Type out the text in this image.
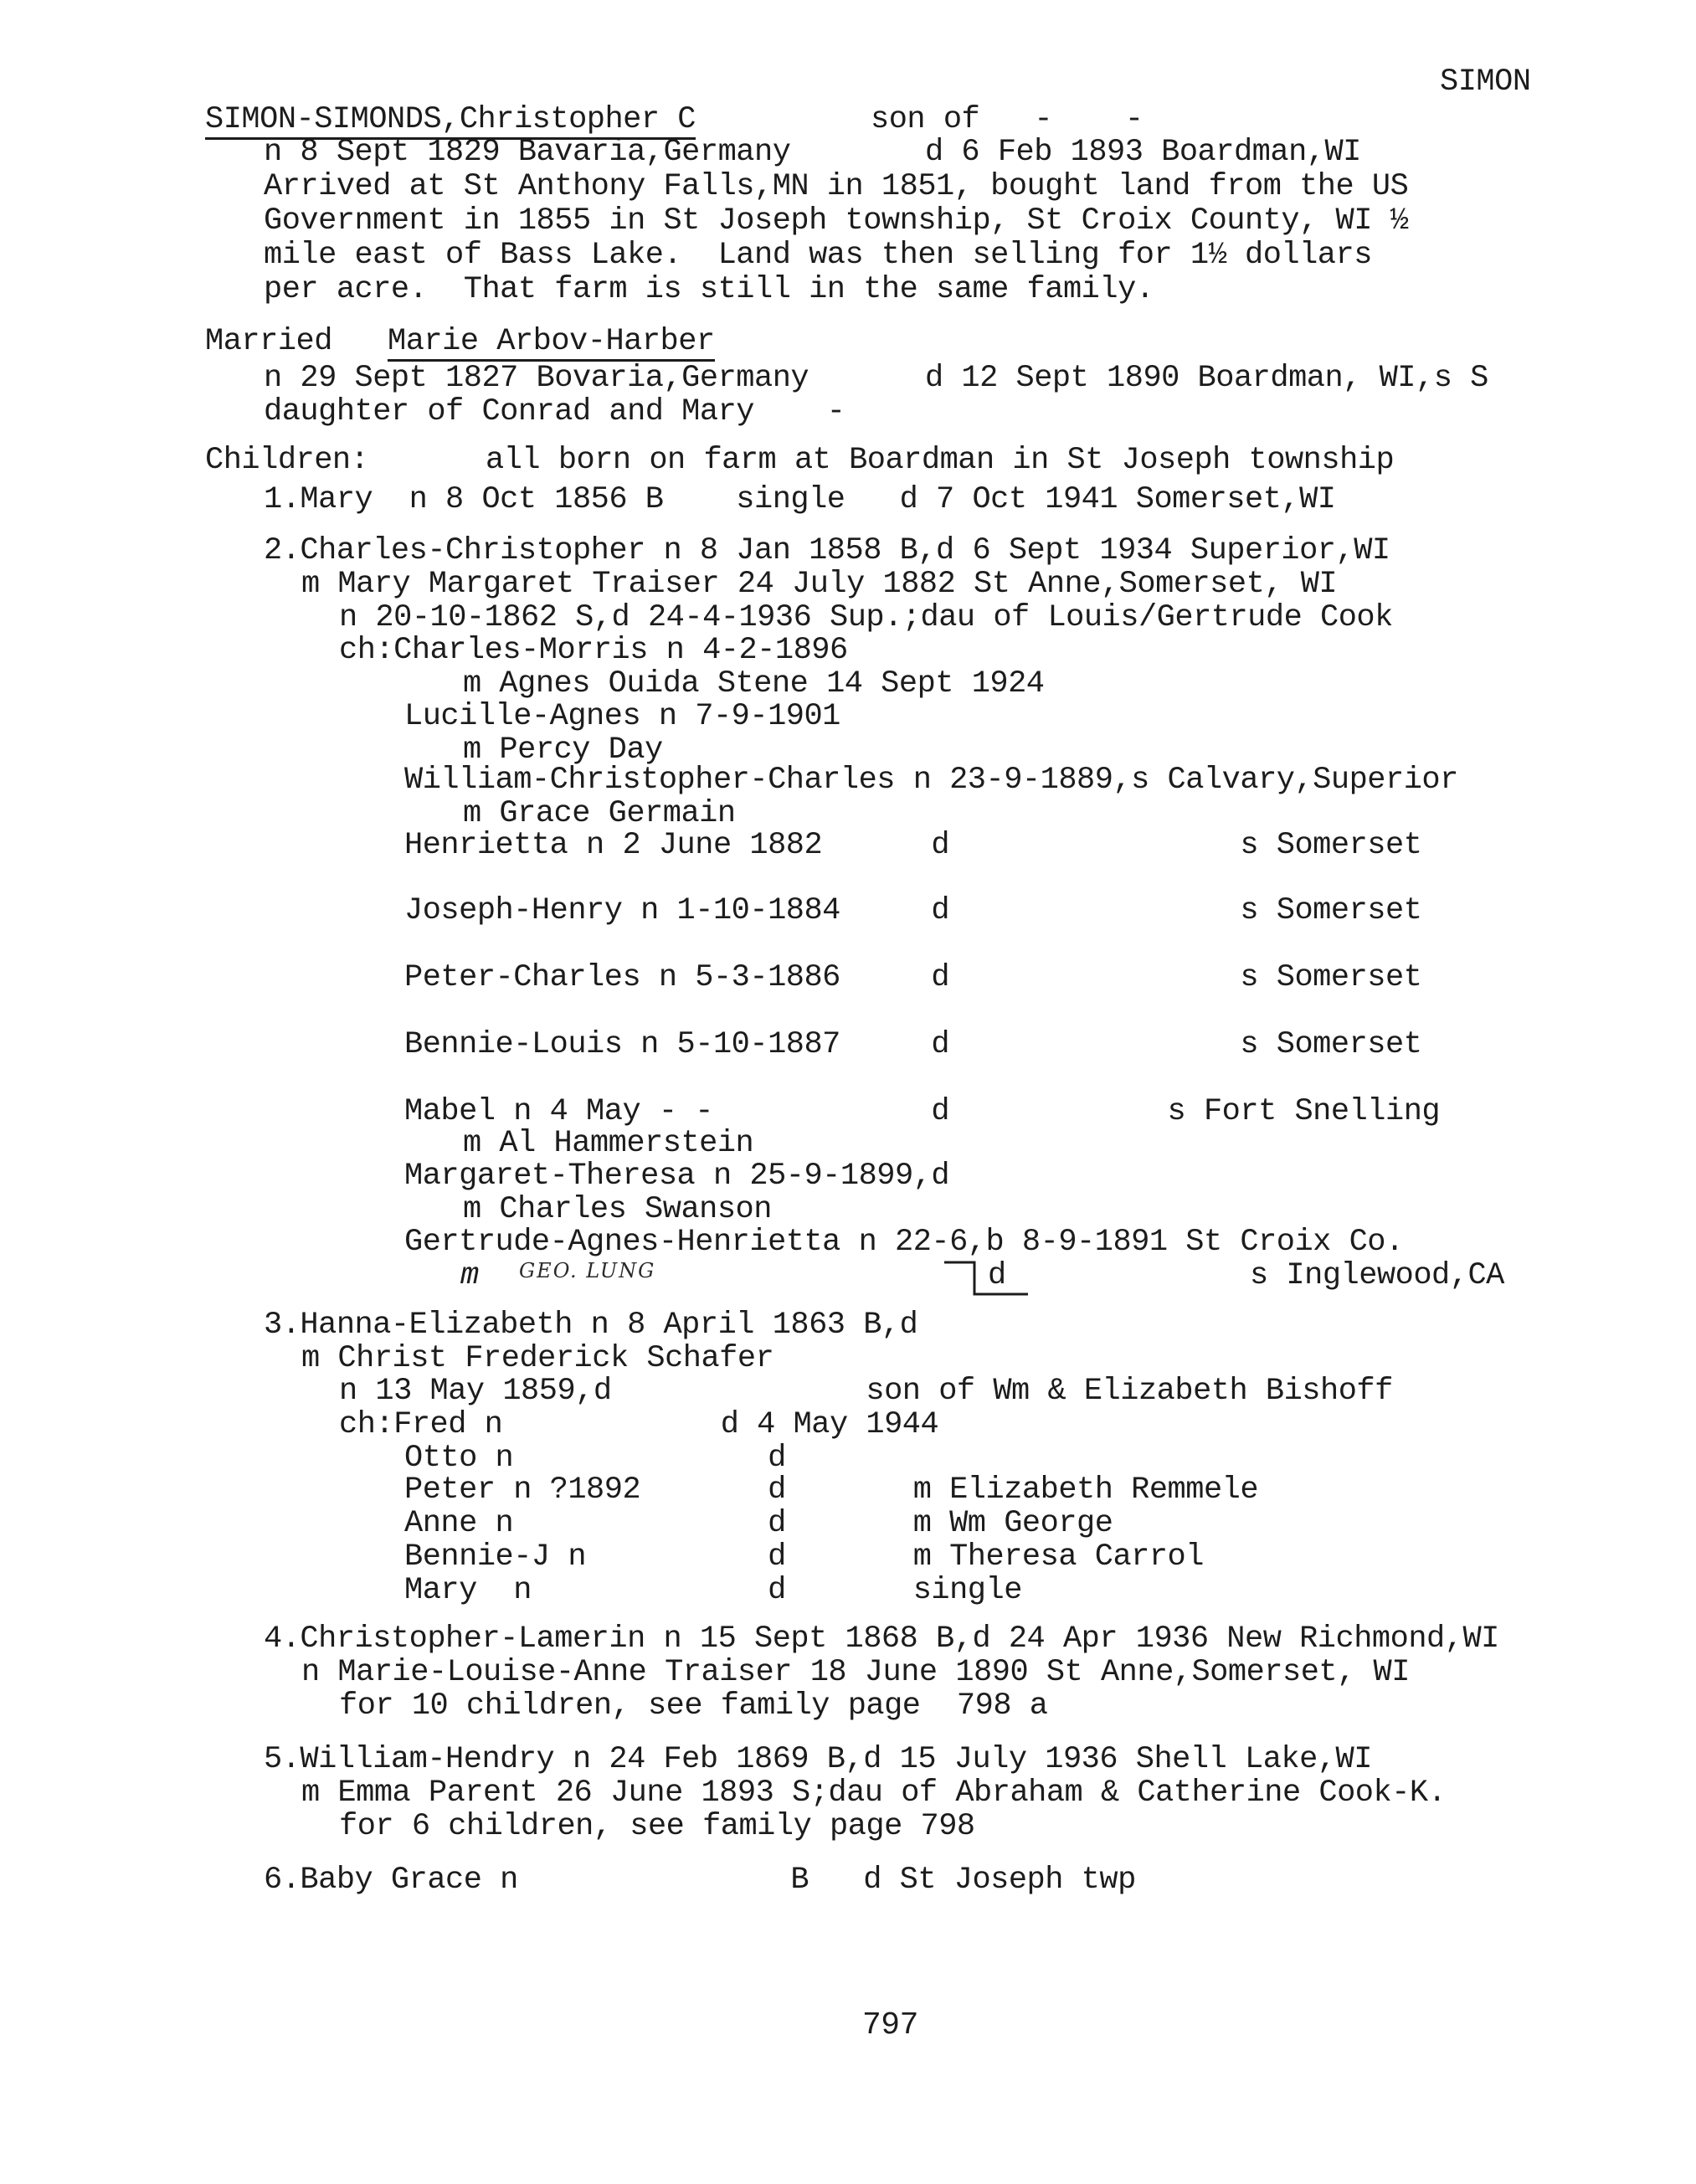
SIMON
SIMON-SIMONDS,Christopher C	son of   -    -
n 8 Sept 1829 Bavaria,Germany	d 6 Feb 1893 Boardman,WI
Arrived at St Anthony Falls,MN in 1851, bought land from the US
Government in 1855 in St Joseph township, St Croix County, WI ½
mile east of Bass Lake.  Land was then selling for 1½ dollars
per acre.  That farm is still in the same family.
Married Marie Arbov-Harber
n 29 Sept 1827 Bovaria,Germany	d 12 Sept 1890 Boardman, WI,s S
daughter of Conrad and Mary    -
Children:	all born on farm at Boardman in St Joseph township
1.Mary  n 8 Oct 1856 B    single   d 7 Oct 1941 Somerset,WI
2.Charles-Christopher n 8 Jan 1858 B,d 6 Sept 1934 Superior,WI
m Mary Margaret Traiser 24 July 1882 St Anne,Somerset, WI
n 20-10-1862 S,d 24-4-1936 Sup.;dau of Louis/Gertrude Cook
ch:Charles-Morris n 4-2-1896
m Agnes Ouida Stene 14 Sept 1924
Lucille-Agnes n 7-9-1901
m Percy Day
William-Christopher-Charles n 23-9-1889,s Calvary,Superior
m Grace Germain
Henrietta n 2 June 1882      d                s Somerset
Joseph-Henry n 1-10-1884     d                s Somerset
Peter-Charles n 5-3-1886     d                s Somerset
Bennie-Louis n 5-10-1887     d                s Somerset
Mabel n 4 May - -            d            s Fort Snelling
m Al Hammerstein
Margaret-Theresa n 25-9-1899,d
m Charles Swanson
Gertrude-Agnes-Henrietta n 22-6,b 8-9-1891 St Croix Co.
m GEO. LUNG	d	s Inglewood,CA
3.Hanna-Elizabeth n 8 April 1863 B,d
m Christ Frederick Schafer
n 13 May 1859,d              son of Wm & Elizabeth Bishoff
ch:Fred n            d 4 May 1944
Otto n              d
Peter n ?1892       d       m Elizabeth Remmele
Anne n              d       m Wm George
Bennie-J n          d       m Theresa Carrol
Mary  n             d       single
4.Christopher-Lamerin n 15 Sept 1868 B,d 24 Apr 1936 New Richmond,WI
n Marie-Louise-Anne Traiser 18 June 1890 St Anne,Somerset, WI
for 10 children, see family page  798 a
5.William-Hendry n 24 Feb 1869 B,d 15 July 1936 Shell Lake,WI
m Emma Parent 26 June 1893 S;dau of Abraham & Catherine Cook-K.
for 6 children, see family page 798
6.Baby Grace n               B   d St Joseph twp
797
